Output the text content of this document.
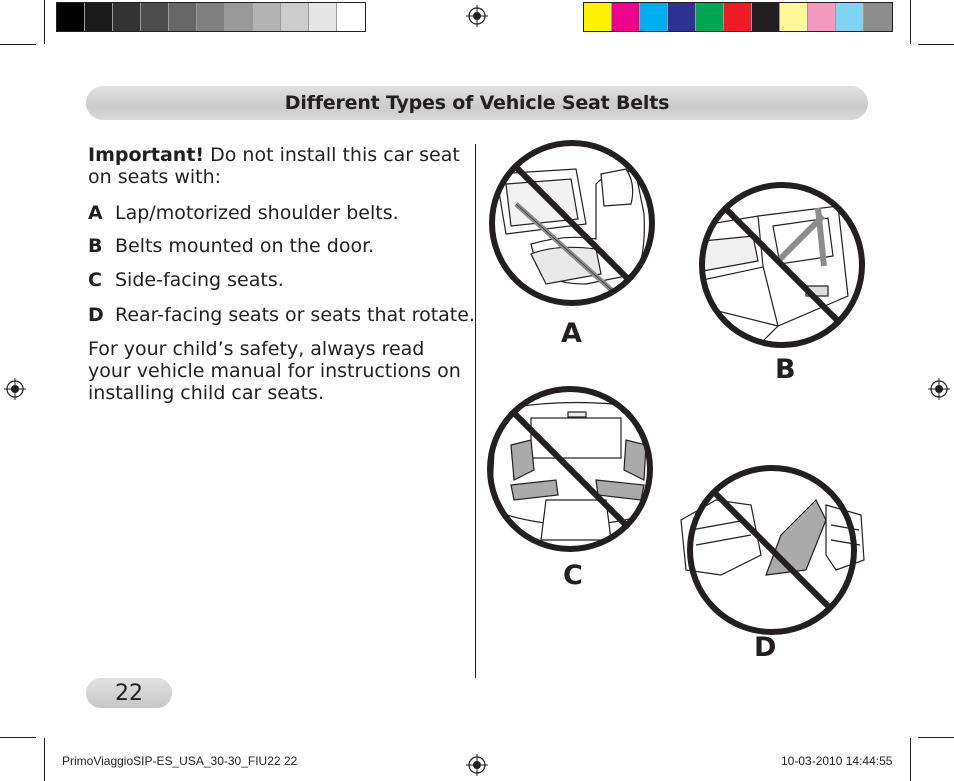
Different Types of Vehicle Seat Belts
Important! Do not install this car seat on seats with:
A Lap/motorized shoulder belts.
B Belts mounted on the door.
C Side-facing seats.
D Rear-facing seats or seats that rotate.
For your child’s safety, always read your vehicle manual for instructions on installing child car seats.
A
B
C
D
22
PrimoViaggioSIP-ES_USA_30-30_FIU22 22	10-03-2010 14:44:55
